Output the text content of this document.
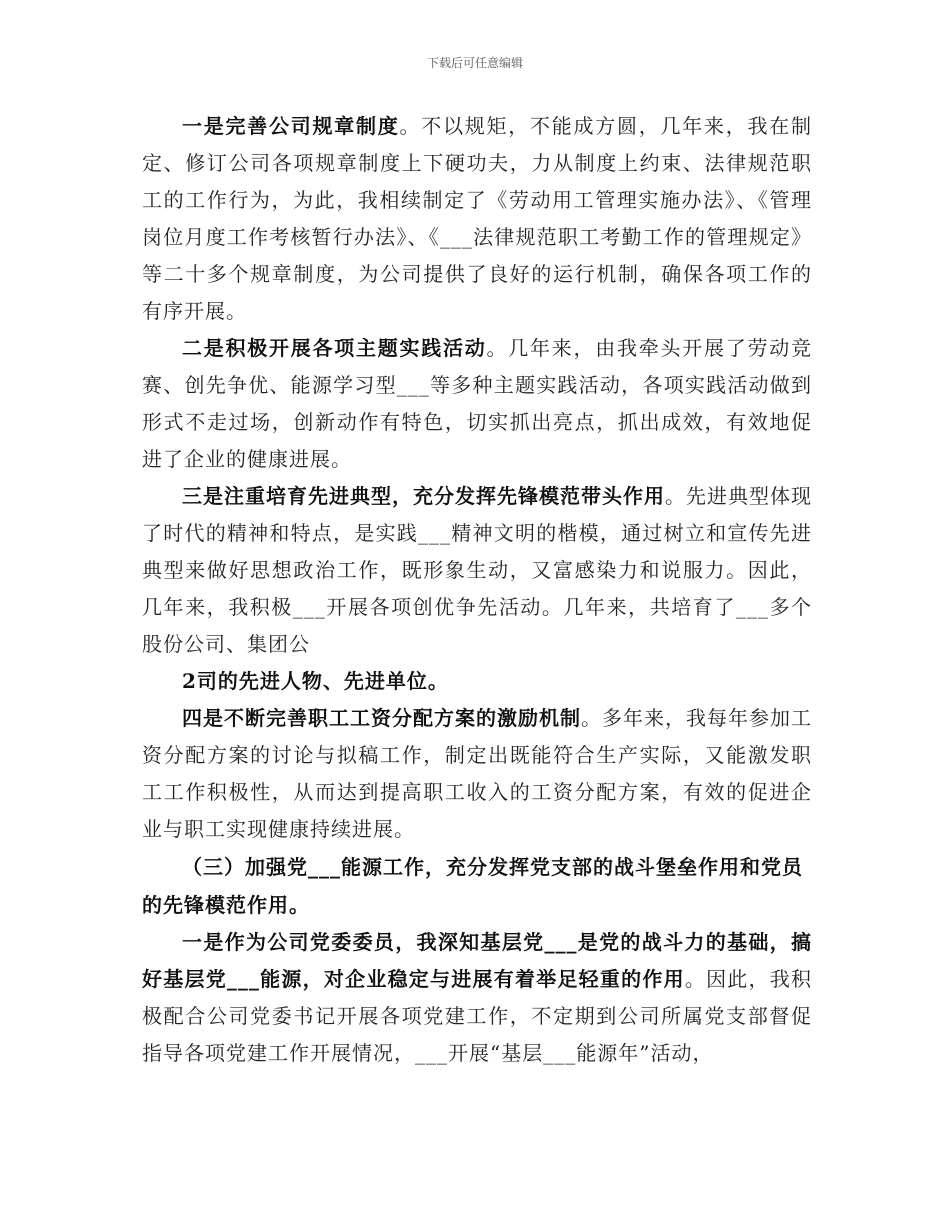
下载后可任意编辑

一是完善公司规章制度。不以规矩，不能成方圆，几年来，我在制定、修订公司各项规章制度上下硬功夫，力从制度上约束、法律规范职工的工作行为，为此，我相续制定了《劳动用工管理实施办法》、《管理岗位月度工作考核暂行办法》、《___法律规范职工考勤工作的管理规定》等二十多个规章制度，为公司提供了良好的运行机制，确保各项工作的有序开展。

二是积极开展各项主题实践活动。几年来，由我牵头开展了劳动竞赛、创先争优、能源学习型___等多种主题实践活动，各项实践活动做到形式不走过场，创新动作有特色，切实抓出亮点，抓出成效，有效地促进了企业的健康进展。

三是注重培育先进典型，充分发挥先锋模范带头作用。先进典型体现了时代的精神和特点，是实践___精神文明的楷模，通过树立和宣传先进典型来做好思想政治工作，既形象生动，又富感染力和说服力。因此，几年来，我积极___开展各项创优争先活动。几年来，共培育了___多个股份公司、集团公

2司的先进人物、先进单位。

四是不断完善职工工资分配方案的激励机制。多年来，我每年参加工资分配方案的讨论与拟稿工作，制定出既能符合生产实际，又能激发职工工作积极性，从而达到提高职工收入的工资分配方案，有效的促进企业与职工实现健康持续进展。

（三）加强党___能源工作，充分发挥党支部的战斗堡垒作用和党员的先锋模范作用。

一是作为公司党委委员，我深知基层党___是党的战斗力的基础，搞好基层党___能源，对企业稳定与进展有着举足轻重的作用。因此，我积极配合公司党委书记开展各项党建工作，不定期到公司所属党支部督促指导各项党建工作开展情况，___开展“基层___能源年”活动，
